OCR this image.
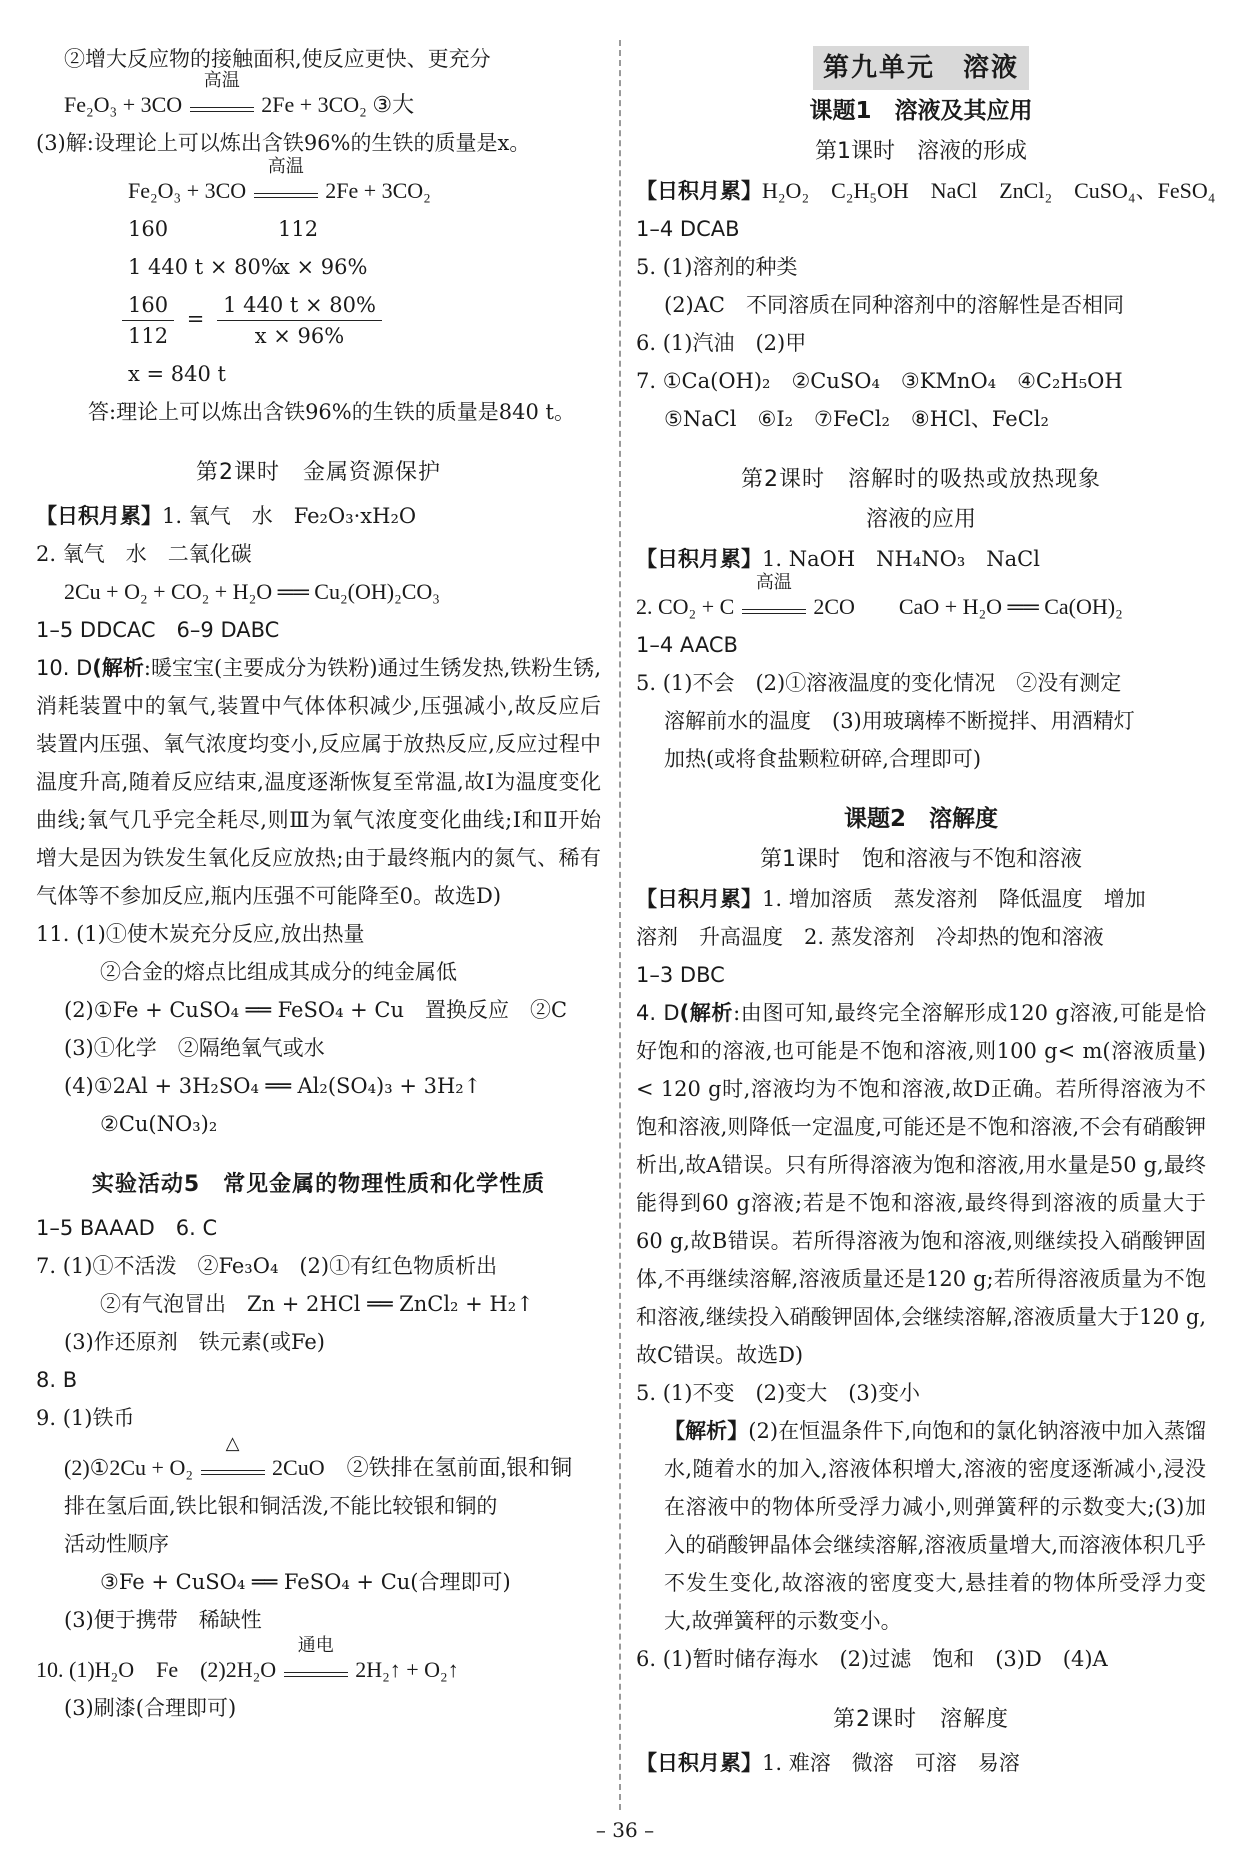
②增大反应物的接触面积,使反应更快、更充分

Fe₂O₃ + 3CO
高温
2Fe + 3CO₂ ③大

(3)解:设理论上可以炼出含铁96%的生铁的质量是x。

Fe₂O₃ + 3CO
高温
2Fe + 3CO₂

160	112

1 440 t × 80%x × 96%

$\frac{160}{112} = \frac{1 440 t \times 80\%}{x \times 96\%}$

x = 840 t

答:理论上可以炼出含铁96%的生铁的质量是840 t。

第2课时　金属资源保护

【日积月累】1. 氧气　水　Fe₂O₃·xH₂O

2. 氧气　水　二氧化碳

2Cu + O₂ + CO₂ + H₂O ══ Cu₂(OH)₂CO₃

1–5 DDCAC　6–9 DABC

10. D(解析:暖宝宝(主要成分为铁粉)通过生锈发热,铁粉生锈,消耗装置中的氧气,装置中气体体积减少,压强减小,故反应后装置内压强、氧气浓度均变小,反应属于放热反应,反应过程中温度升高,随着反应结束,温度逐渐恢复至常温,故Ⅰ为温度变化曲线;氧气几乎完全耗尽,则Ⅲ为氧气浓度变化曲线;Ⅰ和Ⅱ开始增大是因为铁发生氧化反应放热;由于最终瓶内的氮气、稀有气体等不参加反应,瓶内压强不可能降至0。故选D)

11. (1)①使木炭充分反应,放出热量

②合金的熔点比组成其成分的纯金属低

(2)①Fe + CuSO₄ ══ FeSO₄ + Cu　置换反应　②C

(3)①化学　②隔绝氧气或水

(4)①2Al + 3H₂SO₄ ══ Al₂(SO₄)₃ + 3H₂↑

②Cu(NO₃)₂

实验活动5　常见金属的物理性质和化学性质

1–5 BAAAD　6. C

7. (1)①不活泼　②Fe₃O₄　(2)①有红色物质析出

②有气泡冒出　Zn + 2HCl ══ ZnCl₂ + H₂↑

(3)作还原剂　铁元素(或Fe)

8. B

9. (1)铁币

(2)①2Cu + O₂
△
2CuO　②铁排在氢前面,银和铜

排在氢后面,铁比银和铜活泼,不能比较银和铜的

活动性顺序

③Fe + CuSO₄ ══ FeSO₄ + Cu(合理即可)

(3)便于携带　稀缺性

10. (1)H₂O　Fe　(2)2H₂O
通电
2H₂↑ + O₂↑

(3)刷漆(合理即可)

第九单元　溶液

课题1　溶液及其应用

第1课时　溶液的形成

【日积月累】H₂O₂　C₂H₅OH　NaCl　ZnCl₂　CuSO₄、FeSO₄

1–4 DCAB

5. (1)溶剂的种类

(2)AC　不同溶质在同种溶剂中的溶解性是否相同

6. (1)汽油　(2)甲

7. ①Ca(OH)₂　②CuSO₄　③KMnO₄　④C₂H₅OH

⑤NaCl　⑥I₂　⑦FeCl₂　⑧HCl、FeCl₂

第2课时　溶解时的吸热或放热现象

溶液的应用

【日积月累】1. NaOH　NH₄NO₃　NaCl

2. CO₂ + C
高温
2CO　　CaO + H₂O ══ Ca(OH)₂

1–4 AACB

5. (1)不会　(2)①溶液温度的变化情况　②没有测定

溶解前水的温度　(3)用玻璃棒不断搅拌、用酒精灯

加热(或将食盐颗粒研碎,合理即可)

课题2　溶解度

第1课时　饱和溶液与不饱和溶液

【日积月累】1. 增加溶质　蒸发溶剂　降低温度　增加

溶剂　升高温度　2. 蒸发溶剂　冷却热的饱和溶液

1–3 DBC

4. D(解析:由图可知,最终完全溶解形成120 g溶液,可能是恰好饱和的溶液,也可能是不饱和溶液,则100 g< m(溶液质量)< 120 g时,溶液均为不饱和溶液,故D正确。若所得溶液为不饱和溶液,则降低一定温度,可能还是不饱和溶液,不会有硝酸钾析出,故A错误。只有所得溶液为饱和溶液,用水量是50 g,最终能得到60 g溶液;若是不饱和溶液,最终得到溶液的质量大于60 g,故B错误。若所得溶液为饱和溶液,则继续投入硝酸钾固体,不再继续溶解,溶液质量还是120 g;若所得溶液质量为不饱和溶液,继续投入硝酸钾固体,会继续溶解,溶液质量大于120 g,故C错误。故选D)

5. (1)不变　(2)变大　(3)变小

【解析】(2)在恒温条件下,向饱和的氯化钠溶液中加入蒸馏水,随着水的加入,溶液体积增大,溶液的密度逐渐减小,浸没在溶液中的物体所受浮力减小,则弹簧秤的示数变大;(3)加入的硝酸钾晶体会继续溶解,溶液质量增大,而溶液体积几乎不发生变化,故溶液的密度变大,悬挂着的物体所受浮力变大,故弹簧秤的示数变小。

6. (1)暂时储存海水　(2)过滤　饱和　(3)D　(4)A

第2课时　溶解度

【日积月累】1. 难溶　微溶　可溶　易溶

– 36 –
